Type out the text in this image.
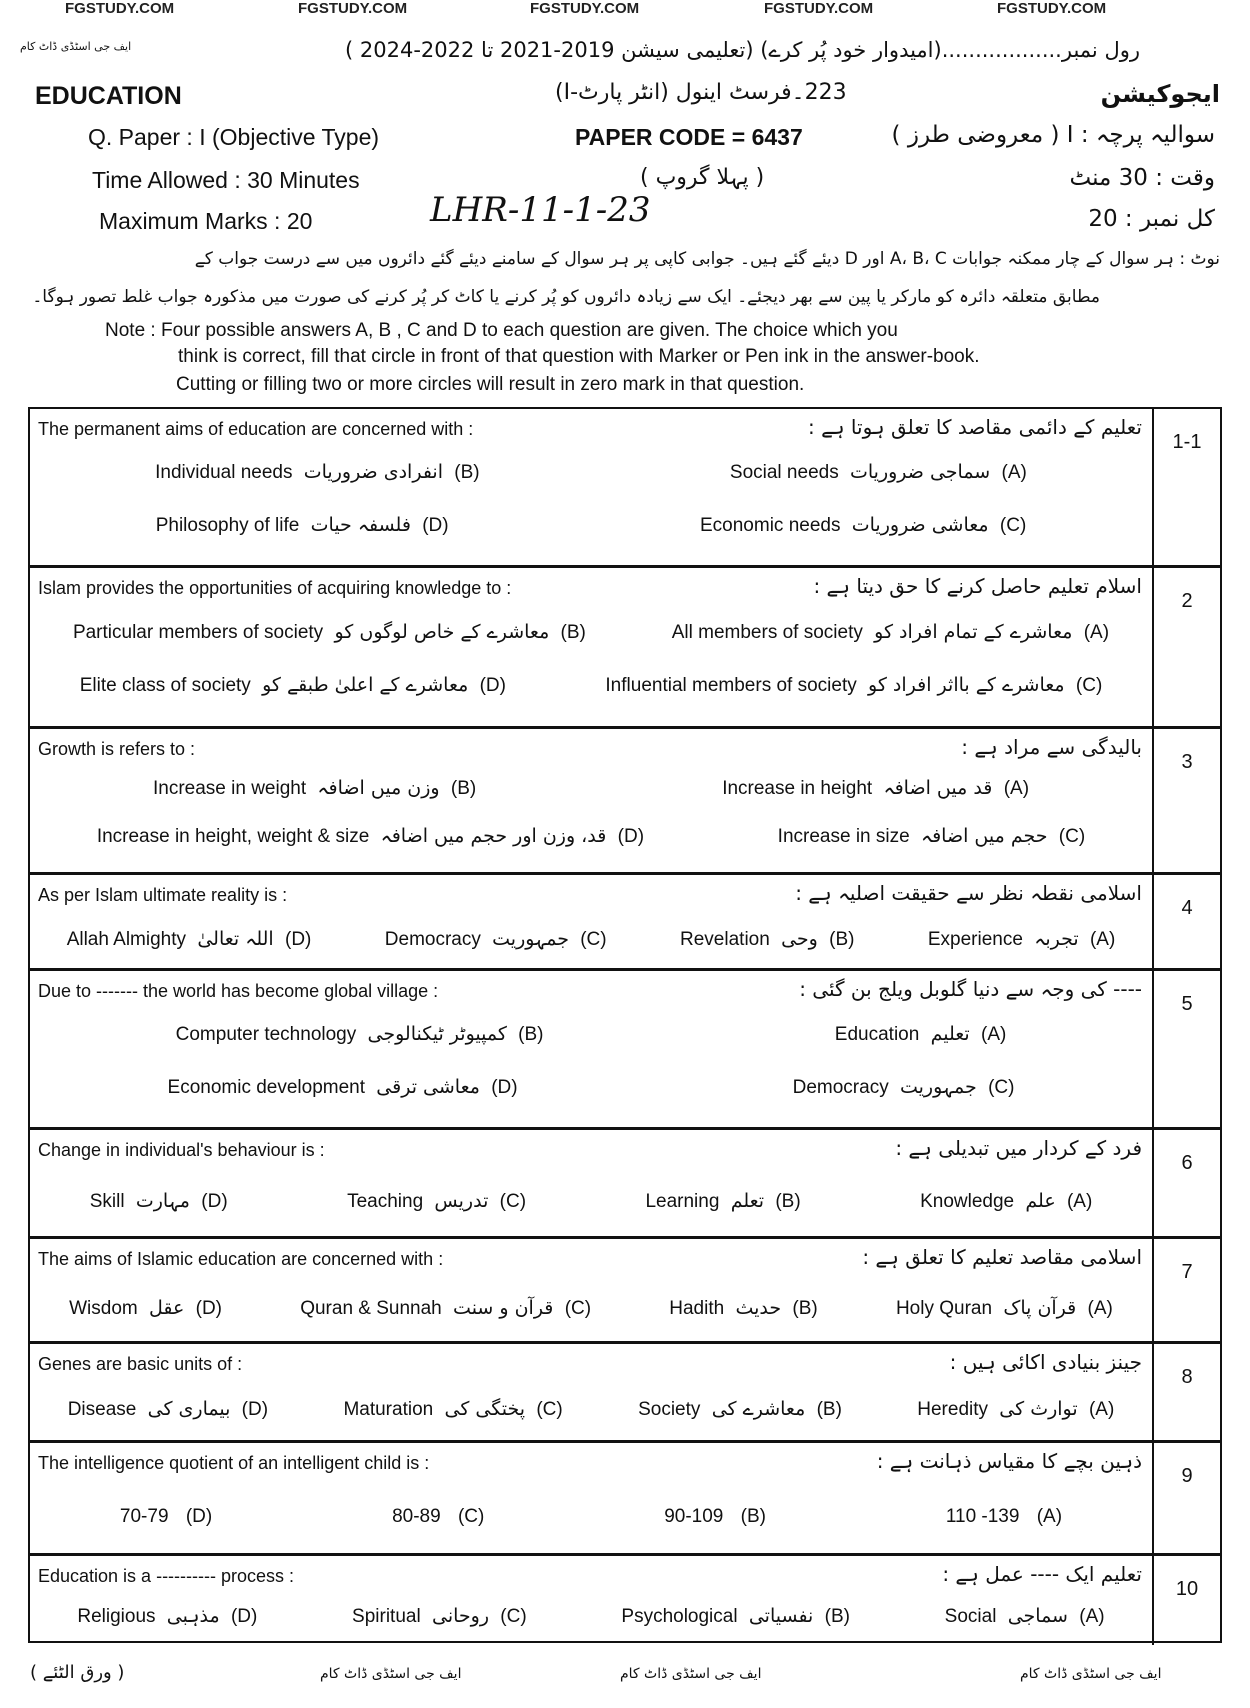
FGSTUDY.COM	FGSTUDY.COM	FGSTUDY.COM	FGSTUDY.COM	FGSTUDY.COM
رول نمبر..................(امیدوار خود پُر کرے) (تعلیمی سیشن 2019-2021 تا 2022-2024 )
ایف جی اسٹڈی ڈاٹ کام
EDUCATION	223۔فرسٹ اینول (انٹر پارٹ-I)	ایجوکیشن
Q. Paper : I (Objective Type)	PAPER CODE = 6437	سوالیہ پرچہ : I ( معروضی طرز )
Time Allowed : 30 Minutes	( پہلا گروپ )	وقت : 30 منٹ
Maximum Marks : 20	LHR-11-1-23	کل نمبر : 20
نوٹ : ہر سوال کے چار ممکنہ جوابات A، B، C اور D دیئے گئے ہیں۔ جوابی کاپی پر ہر سوال کے سامنے دیئے گئے دائروں میں سے درست جواب کے
مطابق متعلقہ دائرہ کو مارکر یا پین سے بھر دیجئے۔ ایک سے زیادہ دائروں کو پُر کرنے یا کاٹ کر پُر کرنے کی صورت میں مذکورہ جواب غلط تصور ہوگا۔
Note : Four possible answers A, B , C and D to each question are given. The choice which you
think is correct, fill that circle in front of that question with Marker or Pen ink in the answer-book.
Cutting or filling two or more circles will result in zero mark in that question.
1-1
The permanent aims of education are concerned with :	تعلیم کے دائمی مقاصد کا تعلق ہوتا ہے :
Individual needs انفرادی ضروریات (B)	Social needs سماجی ضروریات (A)
Philosophy of life فلسفہ حیات (D)	Economic needs معاشی ضروریات (C)
2
Islam provides the opportunities of acquiring knowledge to :	اسلام تعلیم حاصل کرنے کا حق دیتا ہے :
Particular members of society معاشرے کے خاص لوگوں کو (B)	All members of society معاشرے کے تمام افراد کو (A)
Elite class of society معاشرے کے اعلیٰ طبقے کو (D)	Influential members of society معاشرے کے بااثر افراد کو (C)
3
Growth is refers to :	بالیدگی سے مراد ہے :
Increase in weight وزن میں اضافہ (B)	Increase in height قد میں اضافہ (A)
Increase in height, weight & size قد، وزن اور حجم میں اضافہ (D)	Increase in size حجم میں اضافہ (C)
4
As per Islam ultimate reality is :	اسلامی نقطہ نظر سے حقیقت اصلیہ ہے :
Allah Almighty اللہ تعالیٰ (D)	Democracy جمہوریت (C)	Revelation وحی (B)	Experience تجربہ (A)
5
Due to ------- the world has become global village :	---- کی وجہ سے دنیا گلوبل ویلج بن گئی :
Computer technology کمپیوٹر ٹیکنالوجی (B)	Education تعلیم (A)
Economic development معاشی ترقی (D)	Democracy جمہوریت (C)
6
Change in individual's behaviour is :	فرد کے کردار میں تبدیلی ہے :
Skill مہارت (D)	Teaching تدریس (C)	Learning تعلم (B)	Knowledge علم (A)
7
The aims of Islamic education are concerned with :	اسلامی مقاصد تعلیم کا تعلق ہے :
Wisdom عقل (D)	Quran & Sunnah قرآن و سنت (C)	Hadith حدیث (B)	Holy Quran قرآن پاک (A)
8
Genes are basic units of :	جینز بنیادی اکائی ہیں :
Disease بیماری کی (D)	Maturation پختگی کی (C)	Society معاشرے کی (B)	Heredity توارث کی (A)
9
The intelligence quotient of an intelligent child is :	ذہین بچے کا مقیاس ذہانت ہے :
70-79 (D)	80-89 (C)	90-109 (B)	110 -139 (A)
10
Education is a ---------- process :	تعلیم ایک ---- عمل ہے :
Religious مذہبی (D)	Spiritual روحانی (C)	Psychological نفسیاتی (B)	Social سماجی (A)
( ورق الٹئے )	ایف جی اسٹڈی ڈاٹ کام	ایف جی اسٹڈی ڈاٹ کام	ایف جی اسٹڈی ڈاٹ کام
